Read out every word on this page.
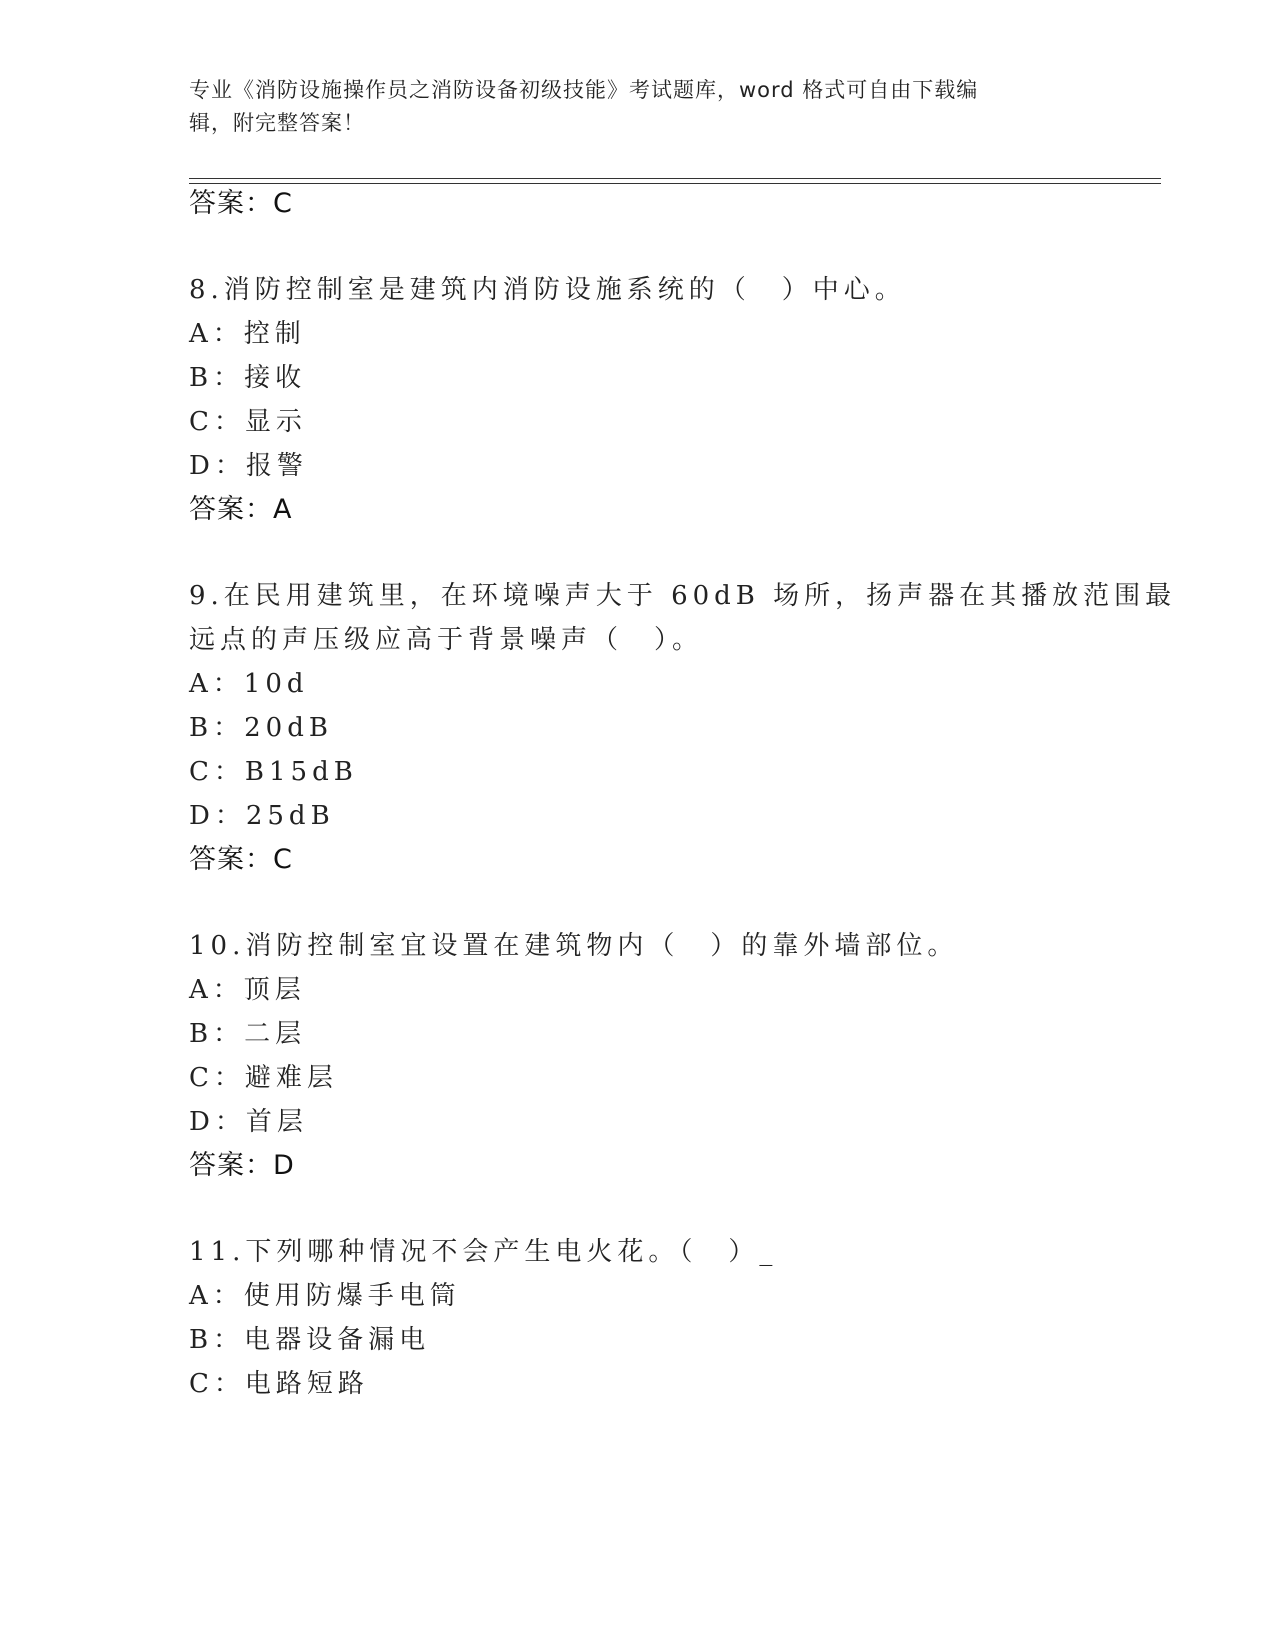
专业《消防设施操作员之消防设备初级技能》考试题库，word 格式可自由下载编
辑，附完整答案！
答案：C
8.消防控制室是建筑内消防设施系统的（　）中心。
A：控制
B：接收
C：显示
D：报警
答案：A
9.在民用建筑里，在环境噪声大于 60dB 场所，扬声器在其播放范围最
远点的声压级应高于背景噪声（　）。
A：10d
B：20dB
C：B15dB
D：25dB
答案：C
10.消防控制室宜设置在建筑物内（　）的靠外墙部位。
A：顶层
B：二层
C：避难层
D：首层
答案：D
11.下列哪种情况不会产生电火花。（　）_
A：使用防爆手电筒
B：电器设备漏电
C：电路短路
